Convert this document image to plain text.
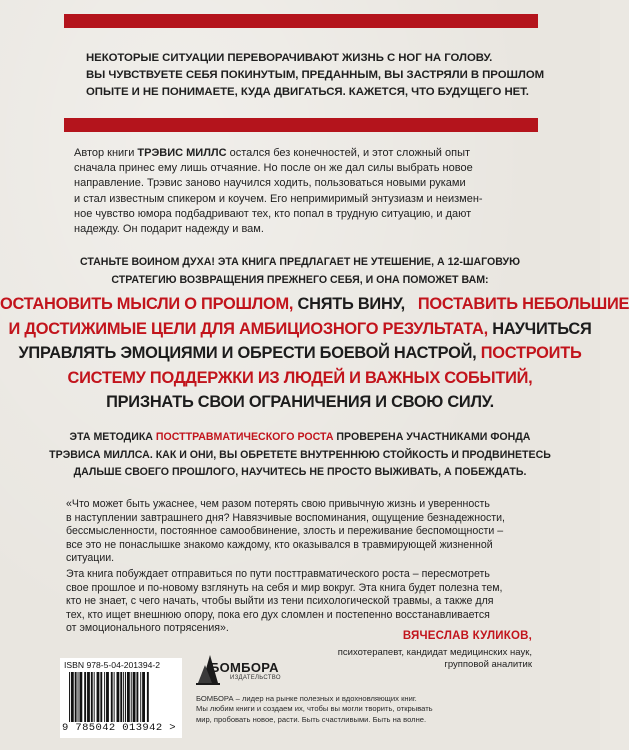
НЕКОТОРЫЕ СИТУАЦИИ ПЕРЕВОРАЧИВАЮТ ЖИЗНЬ С НОГ НА ГОЛОВУ.
ВЫ ЧУВСТВУЕТЕ СЕБЯ ПОКИНУТЫМ, ПРЕДАННЫМ, ВЫ ЗАСТРЯЛИ В ПРОШЛОМ
ОПЫТЕ И НЕ ПОНИМАЕТЕ, КУДА ДВИГАТЬСЯ. КАЖЕТСЯ, ЧТО БУДУЩЕГО НЕТ.
Автор книги ТРЭВИС МИЛЛС остался без конечностей, и этот сложный опыт
сначала принес ему лишь отчаяние. Но после он же дал силы выбрать новое
направление. Трэвис заново научился ходить, пользоваться новыми руками
и стал известным спикером и коучем. Его непримиримый энтузиазм и неизмен-
ное чувство юмора подбадривают тех, кто попал в трудную ситуацию, и дают
надежду. Он подарит надежду и вам.
СТАНЬТЕ ВОИНОМ ДУХА! ЭТА КНИГА ПРЕДЛАГАЕТ НЕ УТЕШЕНИЕ, А 12-ШАГОВУЮ
СТРАТЕГИЮ ВОЗВРАЩЕНИЯ ПРЕЖНЕГО СЕБЯ, И ОНА ПОМОЖЕТ ВАМ:
ОСТАНОВИТЬ МЫСЛИ О ПРОШЛОМ, СНЯТЬ ВИНУ, ПОСТАВИТЬ НЕБОЛЬШИЕ
И ДОСТИЖИМЫЕ ЦЕЛИ ДЛЯ АМБИЦИОЗНОГО РЕЗУЛЬТАТА, НАУЧИТЬСЯ
УПРАВЛЯТЬ ЭМОЦИЯМИ И ОБРЕСТИ БОЕВОЙ НАСТРОЙ, ПОСТРОИТЬ
СИСТЕМУ ПОДДЕРЖКИ ИЗ ЛЮДЕЙ И ВАЖНЫХ СОБЫТИЙ,
ПРИЗНАТЬ СВОИ ОГРАНИЧЕНИЯ И СВОЮ СИЛУ.
ЭТА МЕТОДИКА ПОСТТРАВМАТИЧЕСКОГО РОСТА ПРОВЕРЕНА УЧАСТНИКАМИ ФОНДА
ТРЭВИСА МИЛЛСА. КАК И ОНИ, ВЫ ОБРЕТЕТЕ ВНУТРЕННЮЮ СТОЙКОСТЬ И ПРОДВИНЕТЕСЬ
ДАЛЬШЕ СВОЕГО ПРОШЛОГО, НАУЧИТЕСЬ НЕ ПРОСТО ВЫЖИВАТЬ, А ПОБЕЖДАТЬ.
«Что может быть ужаснее, чем разом потерять свою привычную жизнь и уверенность
в наступлении завтрашнего дня? Навязчивые воспоминания, ощущение безнадежности,
бессмысленности, постоянное самообвинение, злость и переживание беспомощности –
все это не понаслышке знакомо каждому, кто оказывался в травмирующей жизненной
ситуации.
Эта книга побуждает отправиться по пути посттравматического роста – пересмотреть
свое прошлое и по-новому взглянуть на себя и мир вокруг. Эта книга будет полезна тем,
кто не знает, с чего начать, чтобы выйти из тени психологической травмы, а также для
тех, кто ищет внешнюю опору, пока его дух сломлен и постепенно восстанавливается
от эмоционального потрясения».
ВЯЧЕСЛАВ КУЛИКОВ,
психотерапевт, кандидат медицинских наук,
групповой аналитик
ISBN 978-5-04-201394-2
9 785042 013942 >
БОМБОРА
ИЗДАТЕЛЬСТВО
БОМБОРА – лидер на рынке полезных и вдохновляющих книг.
Мы любим книги и создаем их, чтобы вы могли творить, открывать
мир, пробовать новое, расти. Быть счастливыми. Быть на волне.
